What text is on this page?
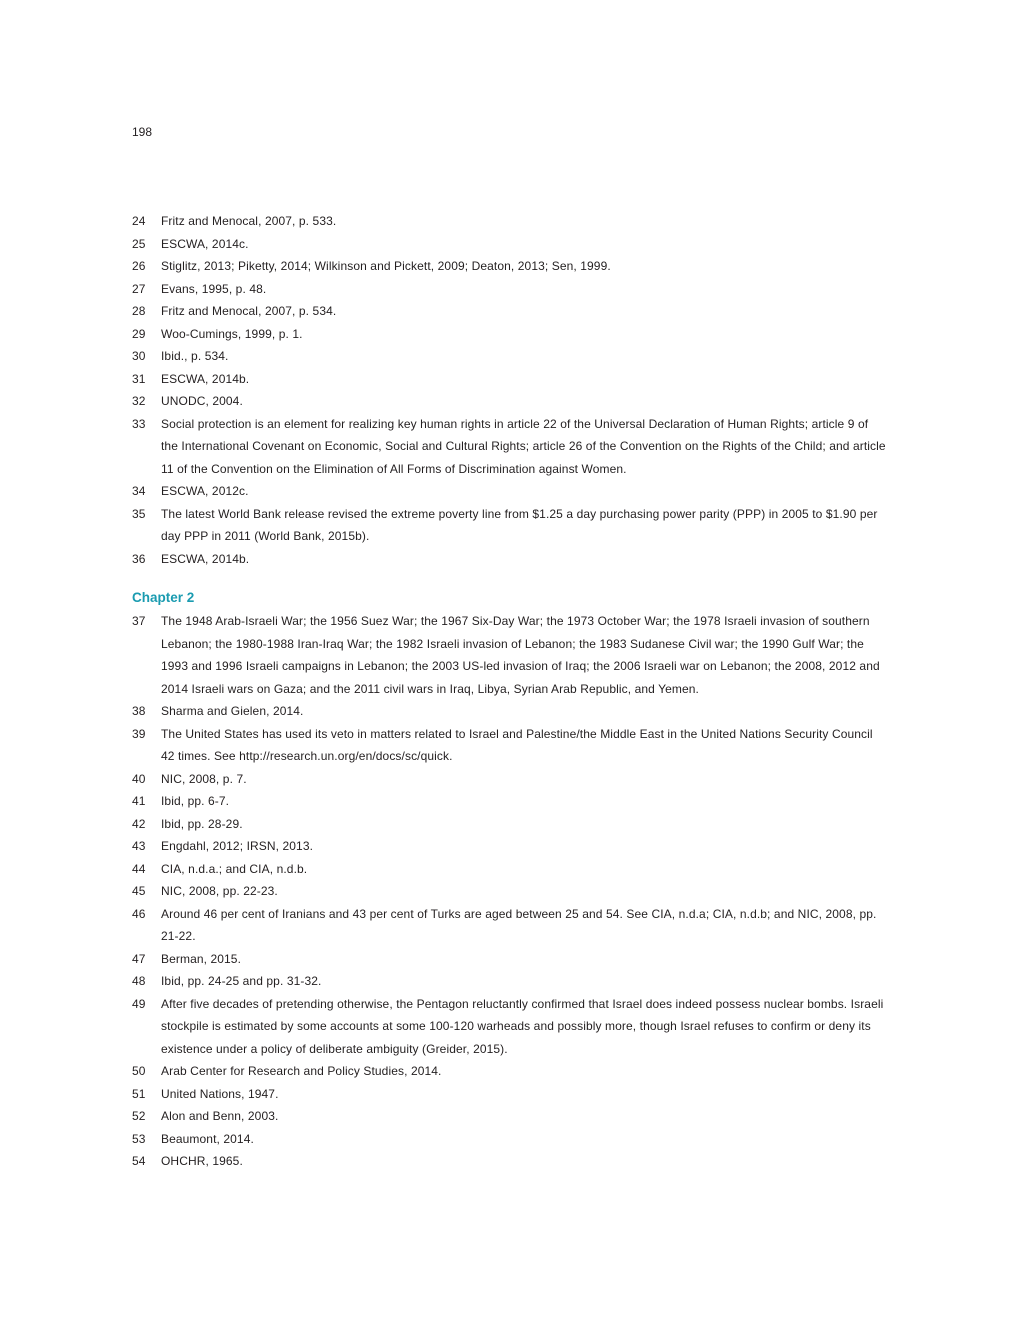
198
24	Fritz and Menocal, 2007, p. 533.
25	ESCWA, 2014c.
26	Stiglitz, 2013; Piketty, 2014; Wilkinson and Pickett, 2009; Deaton, 2013; Sen, 1999.
27	Evans, 1995, p. 48.
28	Fritz and Menocal, 2007, p. 534.
29	Woo-Cumings, 1999, p. 1.
30	Ibid., p. 534.
31	ESCWA, 2014b.
32	UNODC, 2004.
33	Social protection is an element for realizing key human rights in article 22 of the Universal Declaration of Human Rights; article 9 of the International Covenant on Economic, Social and Cultural Rights; article 26 of the Convention on the Rights of the Child; and article 11 of the Convention on the Elimination of All Forms of Discrimination against Women.
34	ESCWA, 2012c.
35	The latest World Bank release revised the extreme poverty line from $1.25 a day purchasing power parity (PPP) in 2005 to $1.90 per day PPP in 2011 (World Bank, 2015b).
36	ESCWA, 2014b.
Chapter 2
37	The 1948 Arab-Israeli War; the 1956 Suez War; the 1967 Six-Day War; the 1973 October War; the 1978 Israeli invasion of southern Lebanon; the 1980-1988 Iran-Iraq War; the 1982 Israeli invasion of Lebanon; the 1983 Sudanese Civil war; the 1990 Gulf War; the 1993 and 1996 Israeli campaigns in Lebanon; the 2003 US-led invasion of Iraq; the 2006 Israeli war on Lebanon; the 2008, 2012 and 2014 Israeli wars on Gaza; and the 2011 civil wars in Iraq, Libya, Syrian Arab Republic, and Yemen.
38	Sharma and Gielen, 2014.
39	The United States has used its veto in matters related to Israel and Palestine/the Middle East in the United Nations Security Council 42 times. See http://research.un.org/en/docs/sc/quick.
40	NIC, 2008, p. 7.
41	Ibid, pp. 6-7.
42	Ibid, pp. 28-29.
43	Engdahl, 2012; IRSN, 2013.
44	CIA, n.d.a.; and CIA, n.d.b.
45	NIC, 2008, pp. 22-23.
46	Around 46 per cent of Iranians and 43 per cent of Turks are aged between 25 and 54. See CIA, n.d.a; CIA, n.d.b; and NIC, 2008, pp. 21-22.
47	Berman, 2015.
48	Ibid, pp. 24-25 and pp. 31-32.
49	After five decades of pretending otherwise, the Pentagon reluctantly confirmed that Israel does indeed possess nuclear bombs. Israeli stockpile is estimated by some accounts at some 100-120 warheads and possibly more, though Israel refuses to confirm or deny its existence under a policy of deliberate ambiguity (Greider, 2015).
50	Arab Center for Research and Policy Studies, 2014.
51	United Nations, 1947.
52	Alon and Benn, 2003.
53	Beaumont, 2014.
54	OHCHR, 1965.
